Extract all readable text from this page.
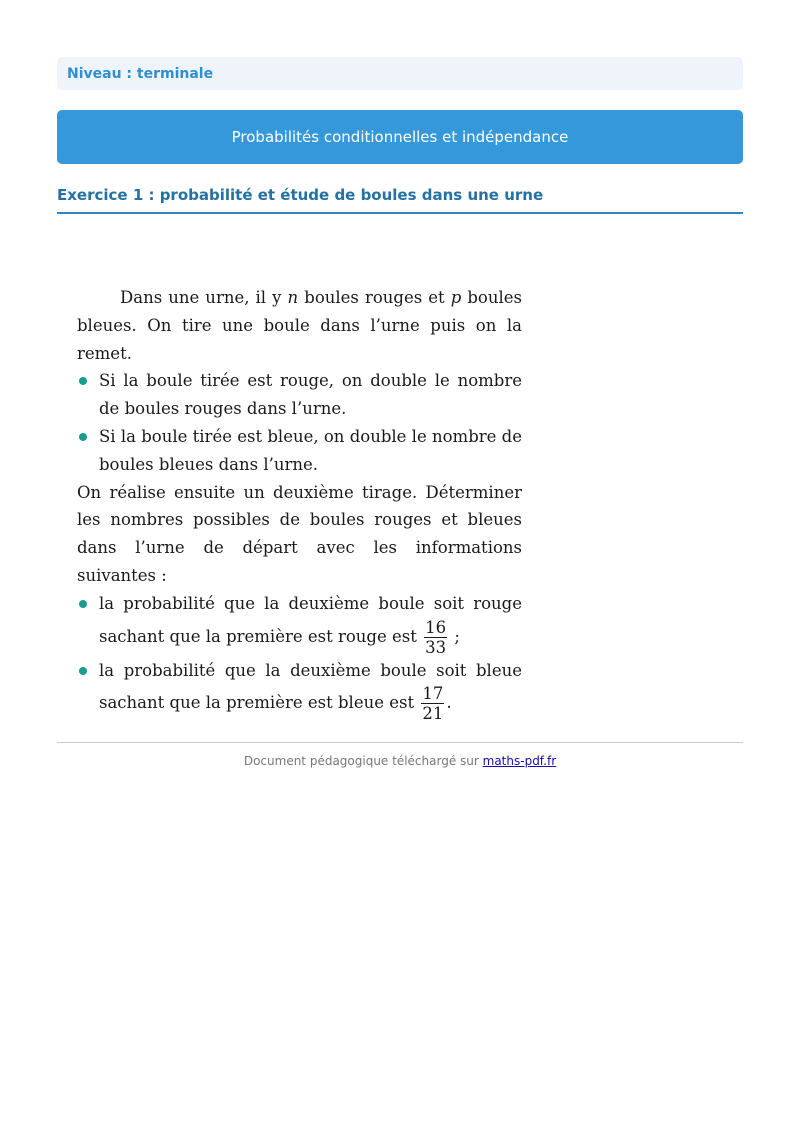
Niveau : terminale
Probabilités conditionnelles et indépendance
Exercice 1 : probabilité et étude de boules dans une urne

Dans une urne, il y n boules rouges et p boules bleues. On tire une boule dans l’urne puis on la remet.

Si la boule tirée est rouge, on double le nombre de boules rouges dans l’urne.
Si la boule tirée est bleue, on double le nombre de boules bleues dans l’urne.

On réalise ensuite un deuxième tirage. Déterminer les nombres possibles de boules rouges et bleues dans l’urne de départ avec les informations suivantes :

la probabilité que la deuxième boule soit rouge sachant que la première est rouge est $\frac{16}{33}$ ;
la probabilité que la deuxième boule soit bleue sachant que la première est bleue est $\frac{17}{21}$ .
Document pédagogique téléchargé sur maths-pdf.fr
